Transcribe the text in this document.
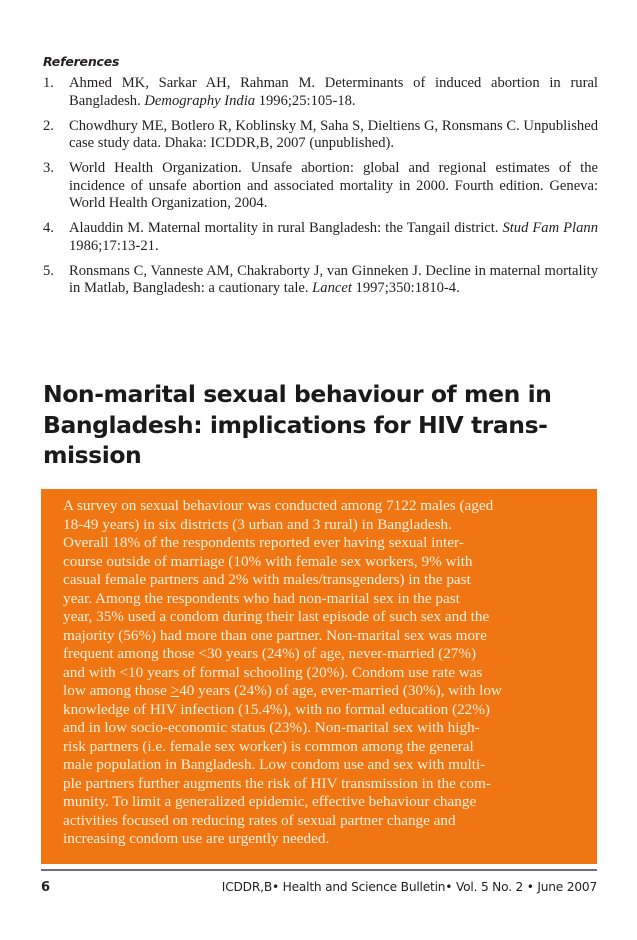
References
1.	Ahmed MK, Sarkar AH, Rahman M. Determinants of induced abortion in rural Bangladesh. Demography India 1996;25:105-18.
2.	Chowdhury ME, Botlero R, Koblinsky M, Saha S, Dieltiens G, Ronsmans C. Unpublished case study data. Dhaka: ICDDR,B, 2007 (unpublished).
3.	World Health Organization. Unsafe abortion: global and regional estimates of the incidence of unsafe abortion and associated mortality in 2000. Fourth edition. Geneva: World Health Organization, 2004.
4.	Alauddin M. Maternal mortality in rural Bangladesh: the Tangail district. Stud Fam Plann 1986;17:13-21.
5.	Ronsmans C, Vanneste AM, Chakraborty J, van Ginneken J. Decline in maternal mortality in Matlab, Bangladesh: a cautionary tale. Lancet 1997;350:1810-4.
Non-marital sexual behaviour of men in
Bangladesh: implications for HIV trans-
mission

A survey on sexual behaviour was conducted among 7122 males (aged
18-49 years) in six districts (3 urban and 3 rural) in Bangladesh.
Overall 18% of the respondents reported ever having sexual inter-
course outside of marriage (10% with female sex workers, 9% with
casual female partners and 2% with males/transgenders) in the past
year. Among the respondents who had non-marital sex in the past
year, 35% used a condom during their last episode of such sex and the
majority (56%) had more than one partner. Non-marital sex was more
frequent among those <30 years (24%) of age, never-married (27%)
and with <10 years of formal schooling (20%). Condom use rate was
low among those ≥40 years (24%) of age, ever-married (30%), with low
knowledge of HIV infection (15.4%), with no formal education (22%)
and in low socio-economic status (23%). Non-marital sex with high-
risk partners (i.e. female sex worker) is common among the general
male population in Bangladesh. Low condom use and sex with multi-
ple partners further augments the risk of HIV transmission in the com-
munity. To limit a generalized epidemic, effective behaviour change
activities focused on reducing rates of sexual partner change and
increasing condom use are urgently needed.

6	ICDDR,B• Health and Science Bulletin• Vol. 5 No. 2 • June 2007
